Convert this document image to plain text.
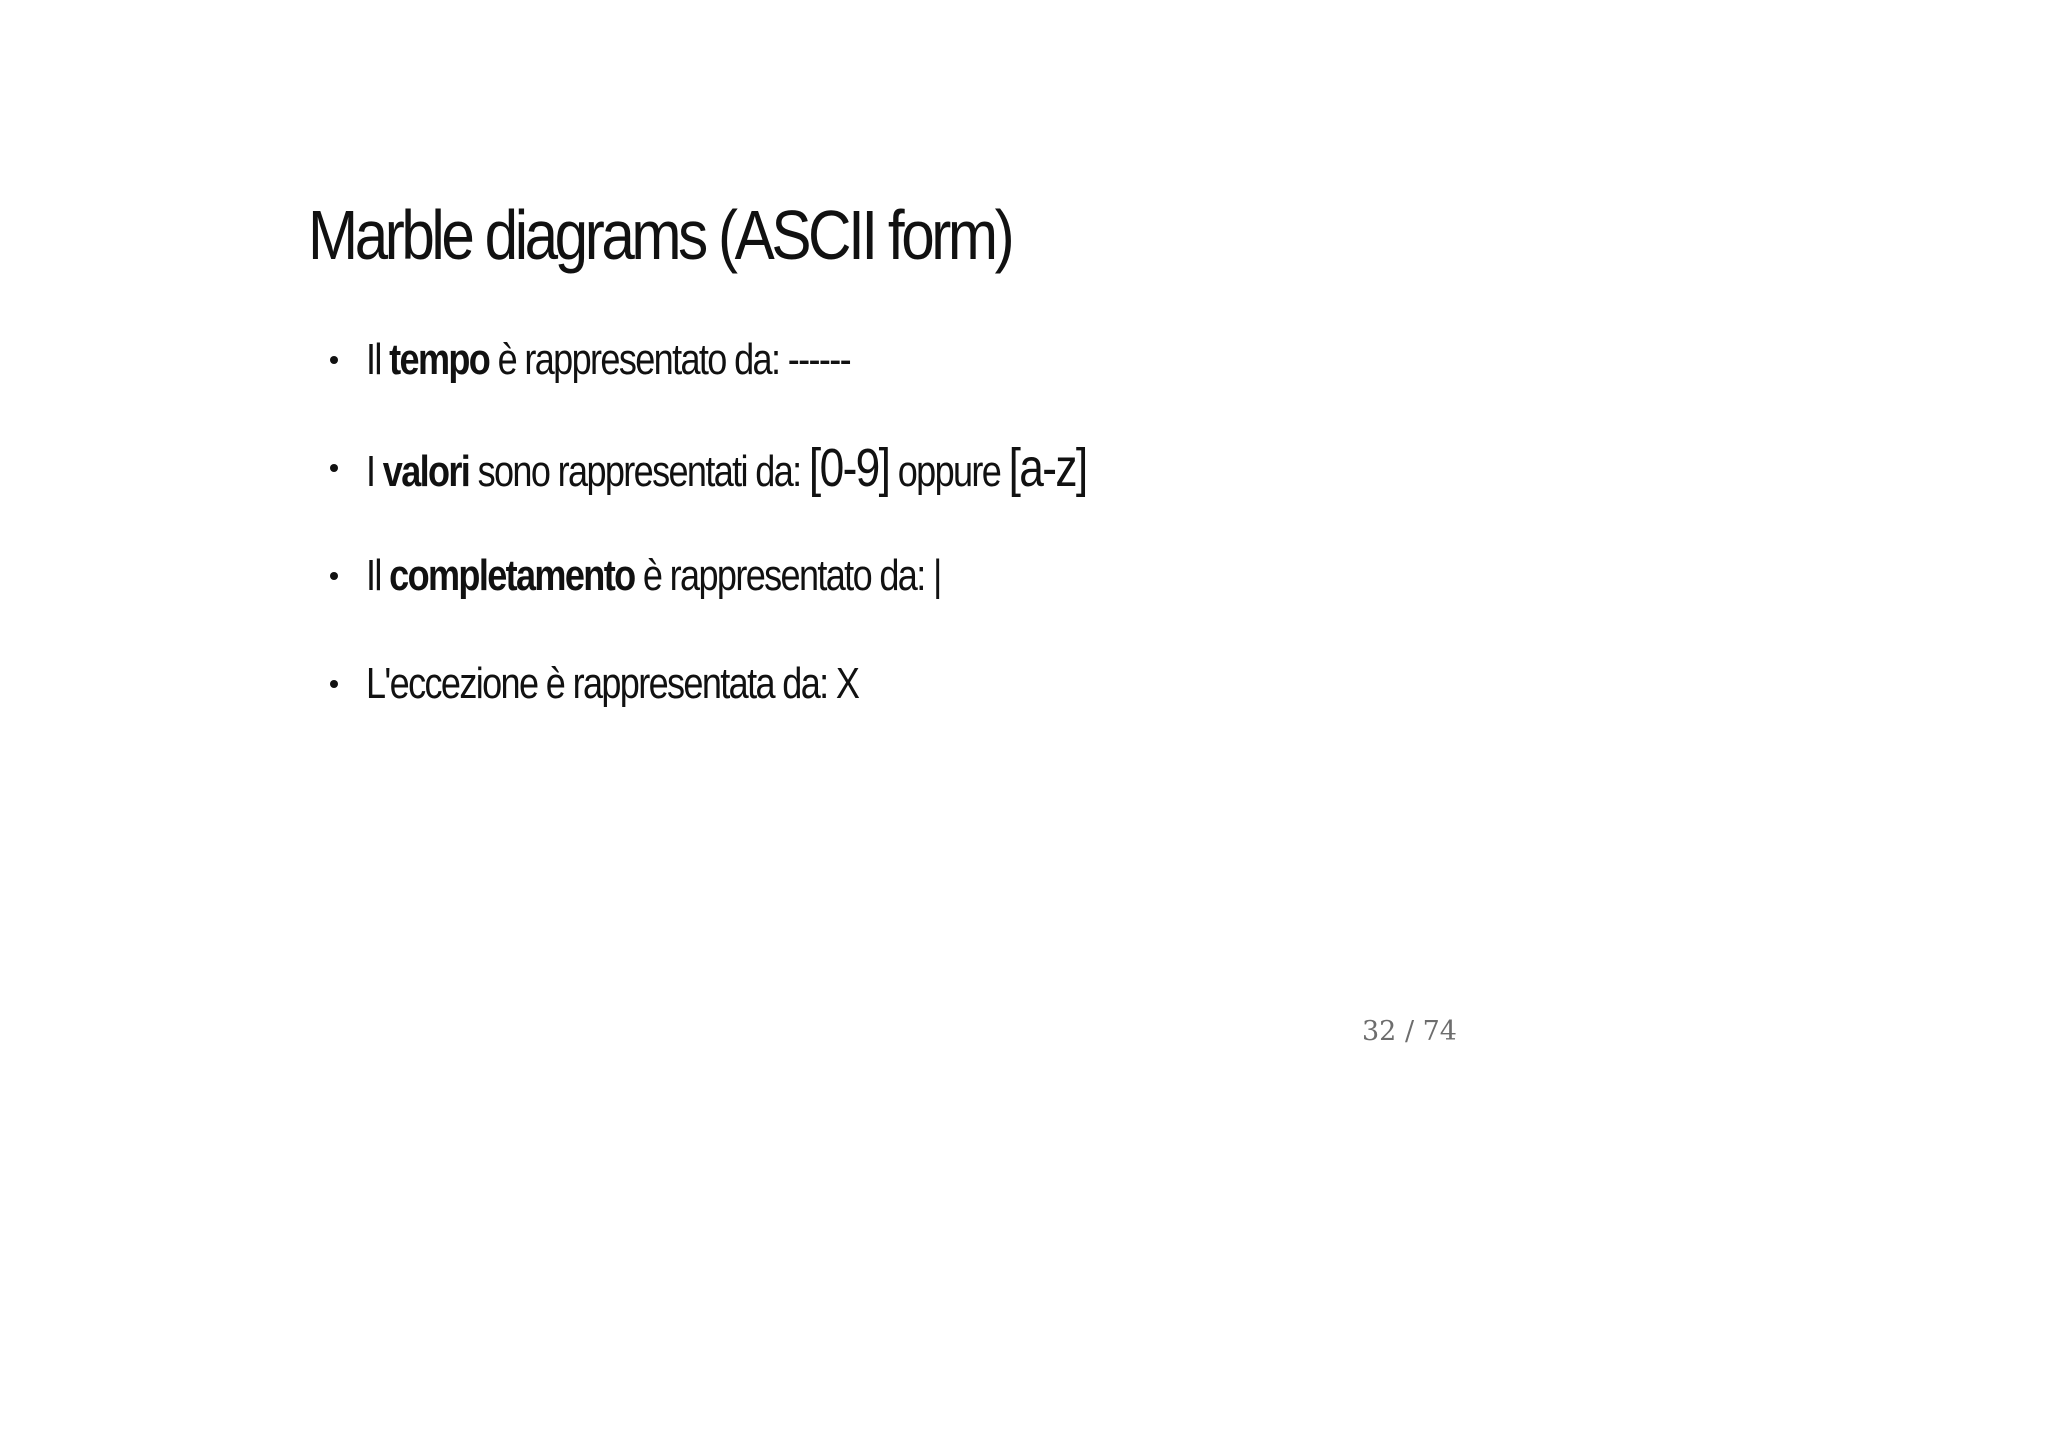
Marble diagrams (ASCII form)
Il tempo è rappresentato da: ------
I valori sono rappresentati da: [0-9] oppure [a-z]
Il completamento è rappresentato da: |
L'eccezione è rappresentata da: X
32 / 74
